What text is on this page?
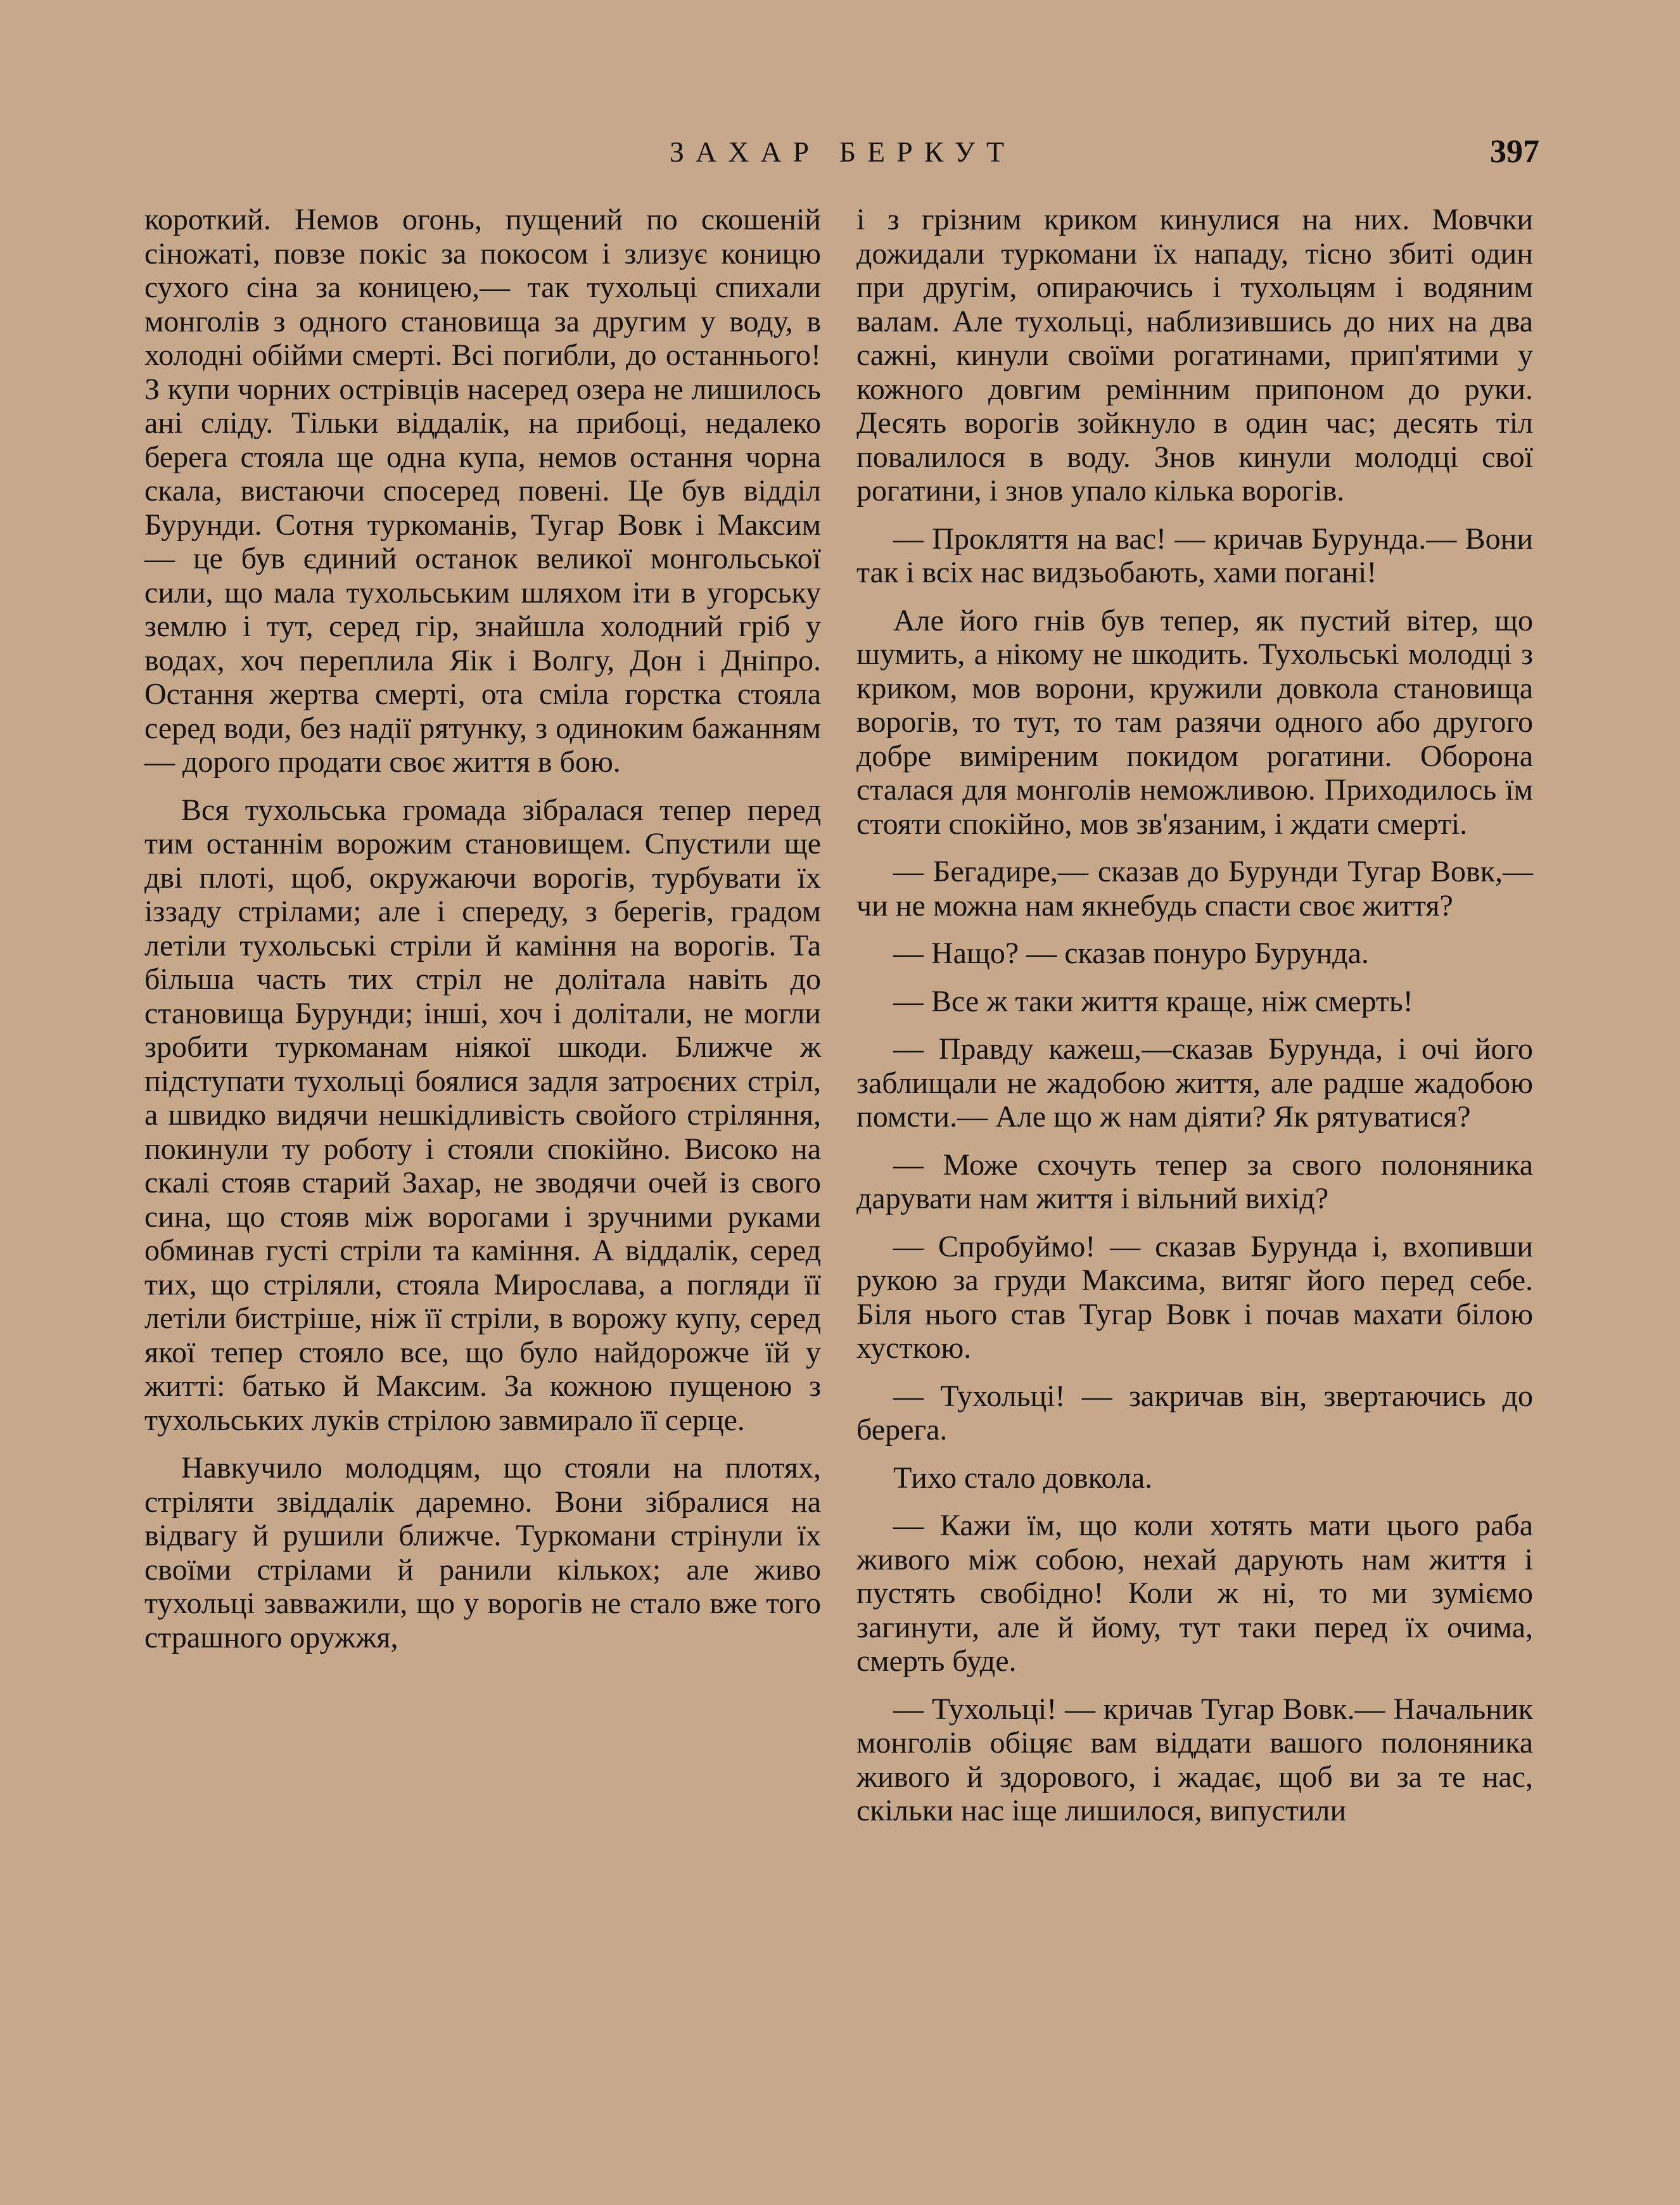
ЗАХАР БЕРКУТ	397

короткий. Немов огонь, пущений по скошеній сіножаті, повзе покіс за покосом і злизує коницю сухого сіна за коницею,— так тухольці спихали монголів з одного становища за другим у воду, в холодні обійми смерті. Всі погибли, до останнього! З купи чорних острівців насеред озера не лишилось ані сліду. Тільки віддалік, на прибоці, недалеко берега стояла ще одна купа, немов остання чорна скала, вистаючи спосеред повені. Це був відділ Бурунди. Сотня туркоманів, Тугар Вовк і Максим — це був єдиний останок великої монгольської сили, що мала тухольським шляхом іти в угорську землю і тут, серед гір, знайшла холодний гріб у водах, хоч переплила Яік і Волгу, Дон і Дніпро. Остання жертва смерті, ота сміла горстка стояла серед води, без надії рятунку, з одиноким бажанням — дорого продати своє життя в бою.

Вся тухольська громада зібралася тепер перед тим останнім ворожим становищем. Спустили ще дві плоті, щоб, окружаючи ворогів, турбувати їх іззаду стрілами; але і спереду, з берегів, градом летіли тухольські стріли й каміння на ворогів. Та більша часть тих стріл не долітала навіть до становища Бурунди; інші, хоч і долітали, не могли зробити туркоманам ніякої шкоди. Ближче ж підступати тухольці боялися задля затроєних стріл, а швидко видячи нешкідливість свойого стріляння, покинули ту роботу і стояли спокійно. Високо на скалі стояв старий Захар, не зводячи очей із свого сина, що стояв між ворогами і зручними руками обминав густі стріли та каміння. А віддалік, серед тих, що стріляли, стояла Мирослава, а погляди її летіли бистріше, ніж її стріли, в ворожу купу, серед якої тепер стояло все, що було найдорожче їй у житті: батько й Максим. За кожною пущеною з тухольських луків стрілою завмирало її серце.

Навкучило молодцям, що стояли на плотях, стріляти звіддалік даремно. Вони зібралися на відвагу й рушили ближче. Туркомани стрінули їх своїми стрілами й ранили кількох; але живо тухольці завважили, що у ворогів не стало вже того страшного оружжя,

і з грізним криком кинулися на них. Мовчки дожидали туркомани їх нападу, тісно збиті один при другім, опираючись і тухольцям і водяним валам. Але тухольці, наблизившись до них на два сажні, кинули своїми рогатинами, прип'ятими у кожного довгим ремінним припоном до руки. Десять ворогів зойкнуло в один час; десять тіл повалилося в воду. Знов кинули молодці свої рогатини, і знов упало кілька ворогів.

— Прокляття на вас! — кричав Бурунда.— Вони так і всіх нас видзьобають, хами погані!

Але його гнів був тепер, як пустий вітер, що шумить, а нікому не шкодить. Тухольські молодці з криком, мов ворони, кружили довкола становища ворогів, то тут, то там разячи одного або другого добре виміреним покидом рогатини. Оборона сталася для монголів неможливою. Приходилось їм стояти спокійно, мов зв'язаним, і ждати смерті.

— Бегадире,— сказав до Бурунди Тугар Вовк,— чи не можна нам якнебудь спасти своє життя?

— Нащо? — сказав понуро Бурунда.

— Все ж таки життя краще, ніж смерть!

— Правду кажеш,—сказав Бурунда, і очі його заблищали не жадобою життя, але радше жадобою помсти.— Але що ж нам діяти? Як рятуватися?

— Може схочуть тепер за свого полоняника дарувати нам життя і вільний вихід?

— Спробуймо! — сказав Бурунда і, вхопивши рукою за груди Максима, витяг його перед себе. Біля нього став Тугар Вовк і почав махати білою хусткою.

— Тухольці! — закричав він, звертаючись до берега.

Тихо стало довкола.

— Кажи їм, що коли хотять мати цього раба живого між собою, нехай дарують нам життя і пустять свобідно! Коли ж ні, то ми зуміємо загинути, але й йому, тут таки перед їх очима, смерть буде.

— Тухольці! — кричав Тугар Вовк.— Начальник монголів обіцяє вам віддати вашого полоняника живого й здорового, і жадає, щоб ви за те нас, скільки нас іще лишилося, випустили
